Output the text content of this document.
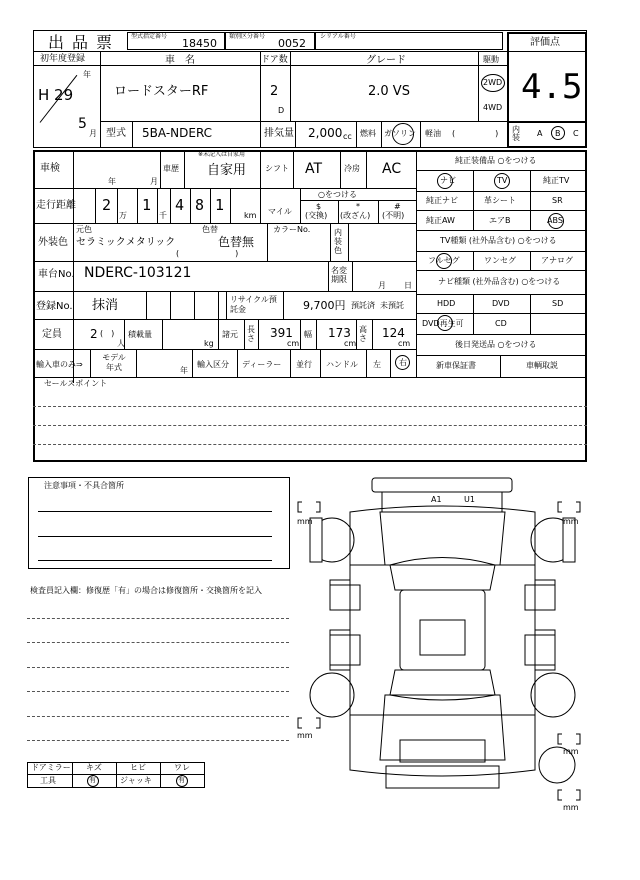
出品票 型式指定番号
18450
類別区分番号
0052
シリアル番号
評価点
4.5
初年度登録
H 29
年
5
月
車　名
ロードスターRF
ドア数
2
D
グレード
2.0 VS
駆動
2WD
4WD
型式 5BA-NDERC	排気量 2,000 cc 燃料 ガソリン 軽油 (　　　　　) 内装	A B C
車検
年	月
車歴
※未記入は自家用
自家用 シフト AT	冷房 AC
走行距離 2
万
1
千
4 8 1
km
○をつける
マイル
$
(交換)
*
(改ざん)
#
(不明)
外装色
元色
セラミックメタリック
色替
色替無
(　　　　　　　)
カラーNo.	内装色
車台No. NDERC-103121	名変期限
月 日
登録No. 抹消	リサイクル預託金	9,700円 預託済 未預託
定員 2 (　)
人
積載量
kg
諸元
長さ 391
cm
幅 173
cm
高さ 124
cm
輸入車のみ⇒
モデル年式	年
輸入区分 ディーラー 並行 ハンドル 左 右
純正装備品 ○をつける
ナビ	TV	純正TV
純正ナビ	革シート	SR
純正AW	エアB	ABS
TV種類 (社外品含む) ○をつける
フルセグ	ワンセグ	アナログ
ナビ種類 (社外品含む) ○をつける
HDD	DVD	SD
DVD再生可	CD
後日発送品 ○をつける
新車保証書	車輌取説
セールスポイント
注意事項・不具合箇所
検査員記入欄：修復歴「有」の場合は修復箇所・交換箇所を記入
ドアミラー キズ	ヒビ	ワレ
工具	有	ジャッキ	有
A1	U1
mm	mm
mm
mm
mm
